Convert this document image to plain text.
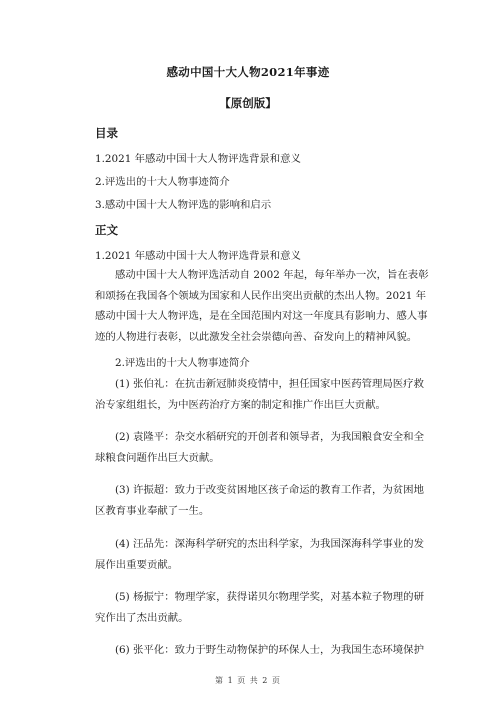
感动中国十大人物2021年事迹
【原创版】
目录
1.2021 年感动中国十大人物评选背景和意义
2.评选出的十大人物事迹简介
3.感动中国十大人物评选的影响和启示
正文
1.2021 年感动中国十大人物评选背景和意义
感动中国十大人物评选活动自 2002 年起，每年举办一次，旨在表彰
和颂扬在我国各个领域为国家和人民作出突出贡献的杰出人物。2021 年
感动中国十大人物评选，是在全国范围内对这一年度具有影响力、感人事
迹的人物进行表彰，以此激发全社会崇德向善、奋发向上的精神风貌。
2.评选出的十大人物事迹简介
(1) 张伯礼：在抗击新冠肺炎疫情中，担任国家中医药管理局医疗救
治专家组组长，为中医药治疗方案的制定和推广作出巨大贡献。
(2) 袁隆平：杂交水稻研究的开创者和领导者，为我国粮食安全和全
球粮食问题作出巨大贡献。
(3) 许振超：致力于改变贫困地区孩子命运的教育工作者，为贫困地
区教育事业奉献了一生。
(4) 汪品先：深海科学研究的杰出科学家，为我国深海科学事业的发
展作出重要贡献。
(5) 杨振宁：物理学家，获得诺贝尔物理学奖，对基本粒子物理的研
究作出了杰出贡献。
(6) 张平化：致力于野生动物保护的环保人士，为我国生态环境保护
第 1 页 共 2 页
